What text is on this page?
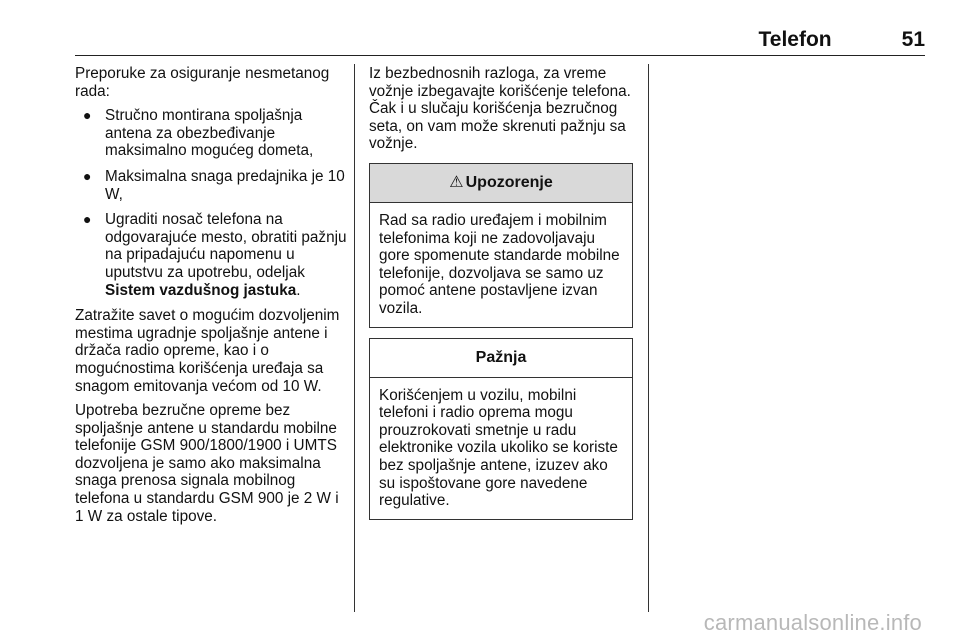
Telefon	51

Preporuke za osiguranje nesmetanog rada:

● Stručno montirana spoljašnja antena za obezbeđivanje maksimalno mogućeg dometa,
● Maksimalna snaga predajnika je 10 W,
● Ugraditi nosač telefona na odgovarajuće mesto, obratiti pažnju na pripadajuću napomenu u uputstvu za upotrebu, odeljak Sistem vazdušnog jastuka.

Zatražite savet o mogućim dozvoljenim mestima ugradnje spoljašnje antene i držača radio opreme, kao i o mogućnostima korišćenja uređaja sa snagom emitovanja većom od 10 W.

Upotreba bezručne opreme bez spoljašnje antene u standardu mobilne telefonije GSM 900/1800/1900 i UMTS dozvoljena je samo ako maksimalna snaga prenosa signala mobilnog telefona u standardu GSM 900 je 2 W i 1 W za ostale tipove.

Iz bezbednosnih razloga, za vreme vožnje izbegavajte korišćenje telefona. Čak i u slučaju korišćenja bezručnog seta, on vam može skrenuti pažnju sa vožnje.

⚠ Upozorenje
Rad sa radio uređajem i mobilnim telefonima koji ne zadovoljavaju gore spomenute standarde mobilne telefonije, dozvoljava se samo uz pomoć antene postavljene izvan vozila.
Pažnja
Korišćenjem u vozilu, mobilni telefoni i radio oprema mogu prouzrokovati smetnje u radu elektronike vozila ukoliko se koriste bez spoljašnje antene, izuzev ako su ispoštovane gore navedene regulative.
carmanualsonline.info
